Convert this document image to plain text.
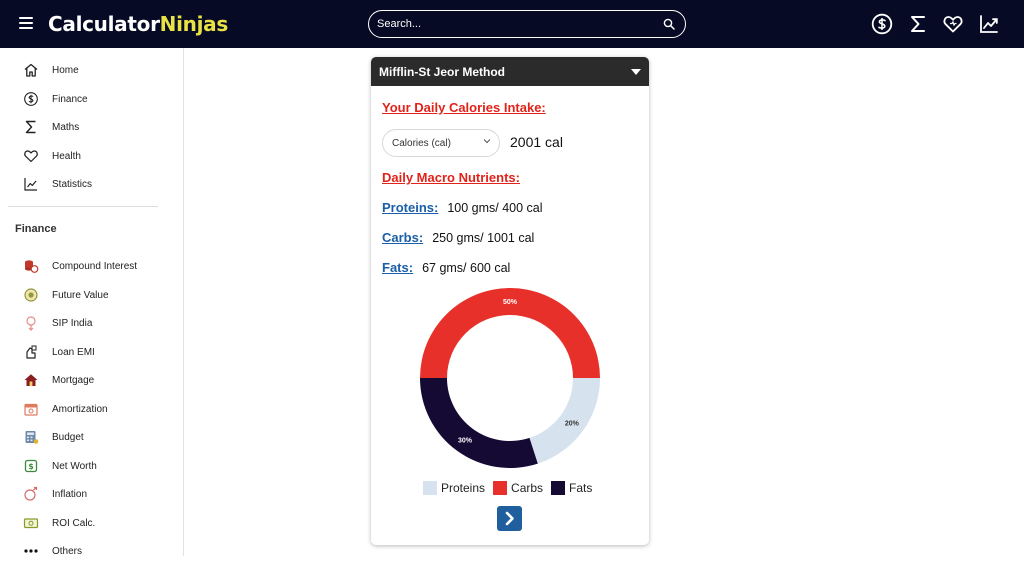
CalculatorNinjas
Search...
Home
Finance
Maths
Health
Statistics
Finance
Compound Interest
Future Value
SIP India
Loan EMI
Mortgage
Amortization
Budget
$ Net Worth
Inflation
ROI Calc.
Others
Mifflin-St Jeor Method
Your Daily Calories Intake:
Calories (cal)	2001 cal
Daily Macro Nutrients:
Proteins: 100 gms/ 400 cal
Carbs: 250 gms/ 1001 cal
Fats: 67 gms/ 600 cal
20%
30%
50%
Proteins Carbs Fats
